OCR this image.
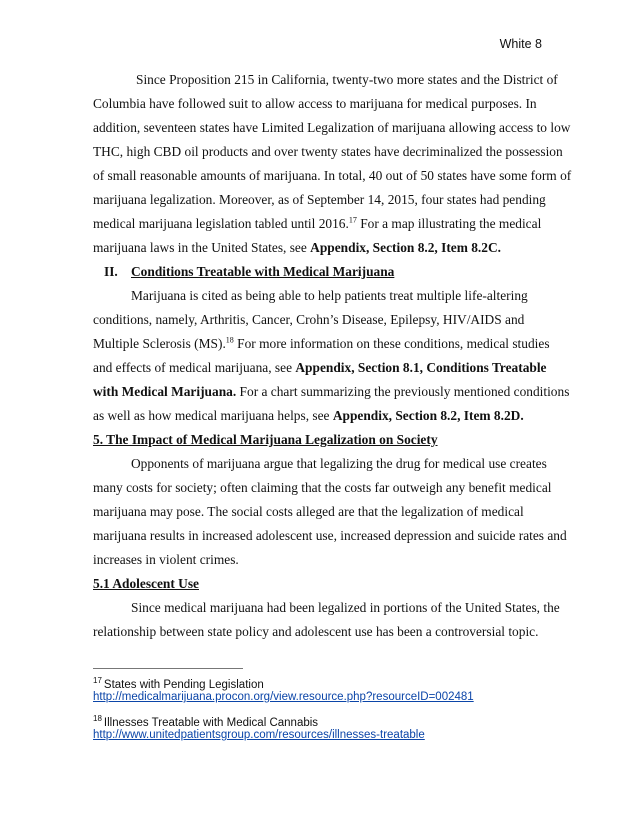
White 8
Since Proposition 215 in California, twenty-two more states and the District of
Columbia have followed suit to allow access to marijuana for medical purposes. In
addition, seventeen states have Limited Legalization of marijuana allowing access to low
THC, high CBD oil products and over twenty states have decriminalized the possession
of small reasonable amounts of marijuana. In total, 40 out of 50 states have some form of
marijuana legalization. Moreover, as of September 14, 2015, four states had pending
medical marijuana legislation tabled until 2016.17 For a map illustrating the medical
marijuana laws in the United States, see Appendix, Section 8.2, Item 8.2C.
II. Conditions Treatable with Medical Marijuana
Marijuana is cited as being able to help patients treat multiple life-altering
conditions, namely, Arthritis, Cancer, Crohn’s Disease, Epilepsy, HIV/AIDS and
Multiple Sclerosis (MS).$^{18}$ For more information on these conditions, medical studies
and effects of medical marijuana, see Appendix, Section 8.1, Conditions Treatable
with Medical Marijuana. For a chart summarizing the previously mentioned conditions
as well as how medical marijuana helps, see Appendix, Section 8.2, Item 8.2D.
5. The Impact of Medical Marijuana Legalization on Society
Opponents of marijuana argue that legalizing the drug for medical use creates
many costs for society; often claiming that the costs far outweigh any benefit medical
marijuana may pose. The social costs alleged are that the legalization of medical
marijuana results in increased adolescent use, increased depression and suicide rates and
increases in violent crimes.
5.1 Adolescent Use
Since medical marijuana had been legalized in portions of the United States, the
relationship between state policy and adolescent use has been a controversial topic.
$^{17}$ States with Pending Legislation
http://medicalmarijuana.procon.org/view.resource.php?resourceID=002481
$^{18}$ Illnesses Treatable with Medical Cannabis
http://www.unitedpatientsgroup.com/resources/illnesses-treatable
